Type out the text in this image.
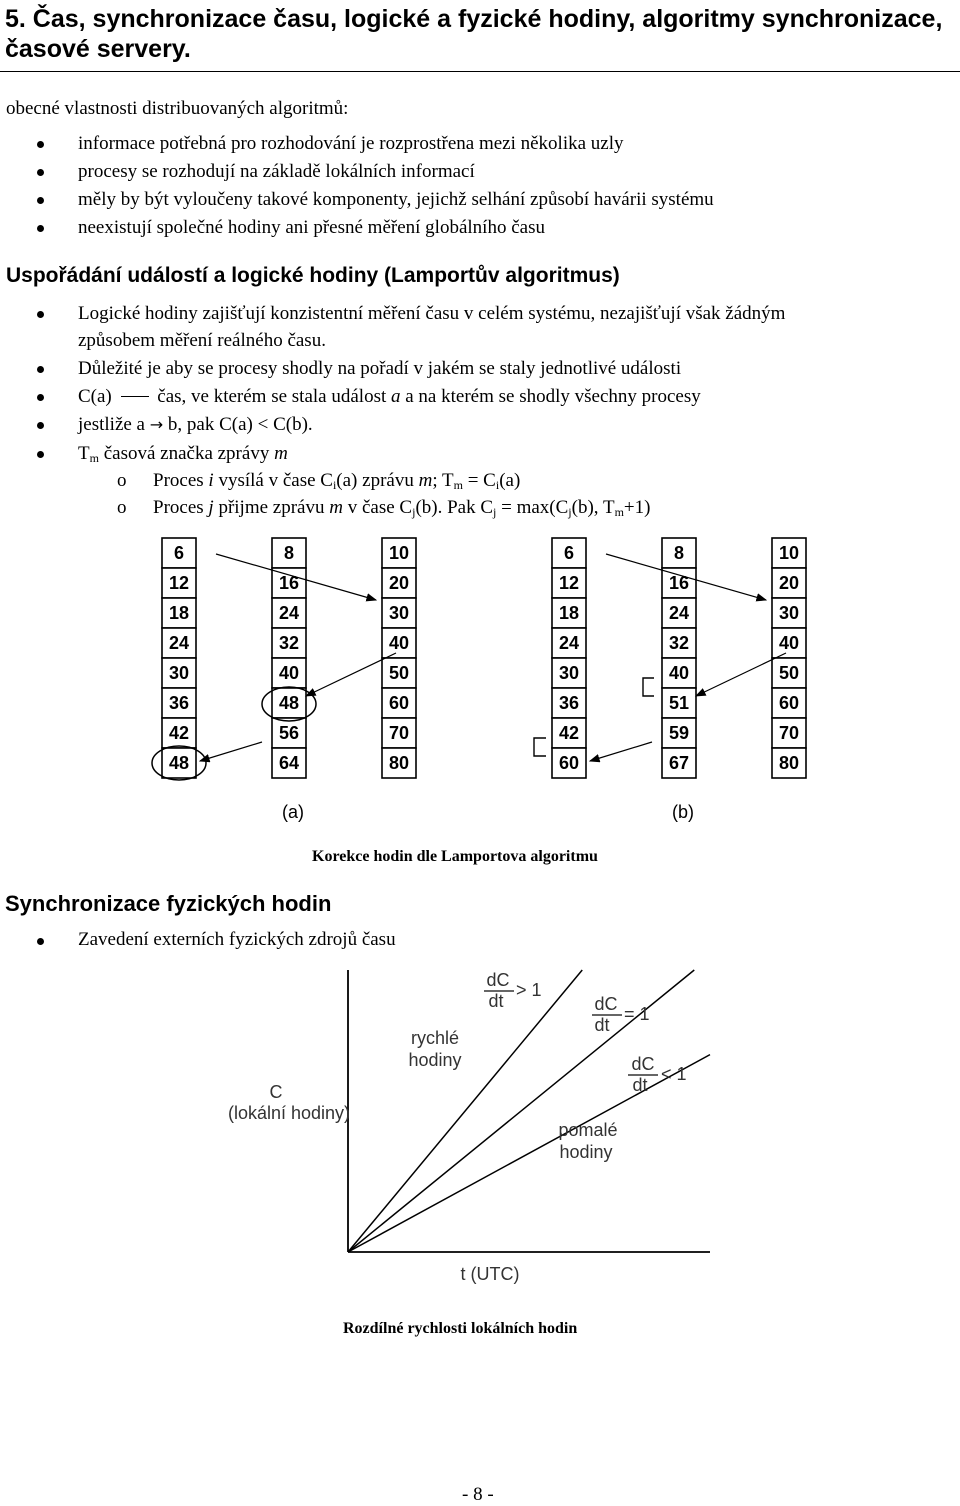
5. Čas, synchronizace času, logické a fyzické hodiny, algoritmy synchronizace, časové servery.
obecné vlastnosti distribuovaných algoritmů:
informace potřebná pro rozhodování je rozprostřena mezi několika uzly
procesy se rozhodují na základě lokálních informací
měly by být vyloučeny takové komponenty, jejichž selhání způsobí havárii systému
neexistují společné hodiny ani přesné měření globálního času
Uspořádání událostí a logické hodiny (Lamportův algoritmus)
Logické hodiny zajišťují konzistentní měření času v celém systému, nezajišťují však žádným
způsobem měření reálného času.
Důležité je aby se procesy shodly na pořadí v jakém se staly jednotlivé události
C(a) čas, ve kterém se stala událost a a na kterém se shodly všechny procesy
jestliže a → b, pak C(a) < C(b).
$T_m$ časová značka zprávy m
o Proces i vysílá v čase $C_i(a)$ zprávu m; $T_m = C_i(a)$
o Proces j přijme zprávu m v čase $C_j(b)$. Pak $C_j = \max(C_j(b)$, $T_m+1$)
6
12
18
24
30
36
42
48
8
16
24
32
40
48
56
64
10
20
30
40
50
60
70
80
6
12
18
24
30
36
42
60
8
16
24
32
40
51
59
67
10
20
30
40
50
60
70
80
(a)	(b)
Korekce hodin dle Lamportova algoritmu
Synchronizace fyzických hodin
Zavedení externích fyzických zdrojů času
C
(lokální hodiny)
t (UTC)
rychlé
hodiny
pomalé
hodiny
dC
dt
> 1
dC
dt
= 1
dC
dt
< 1
Rozdílné rychlosti lokálních hodin
- 8 -
